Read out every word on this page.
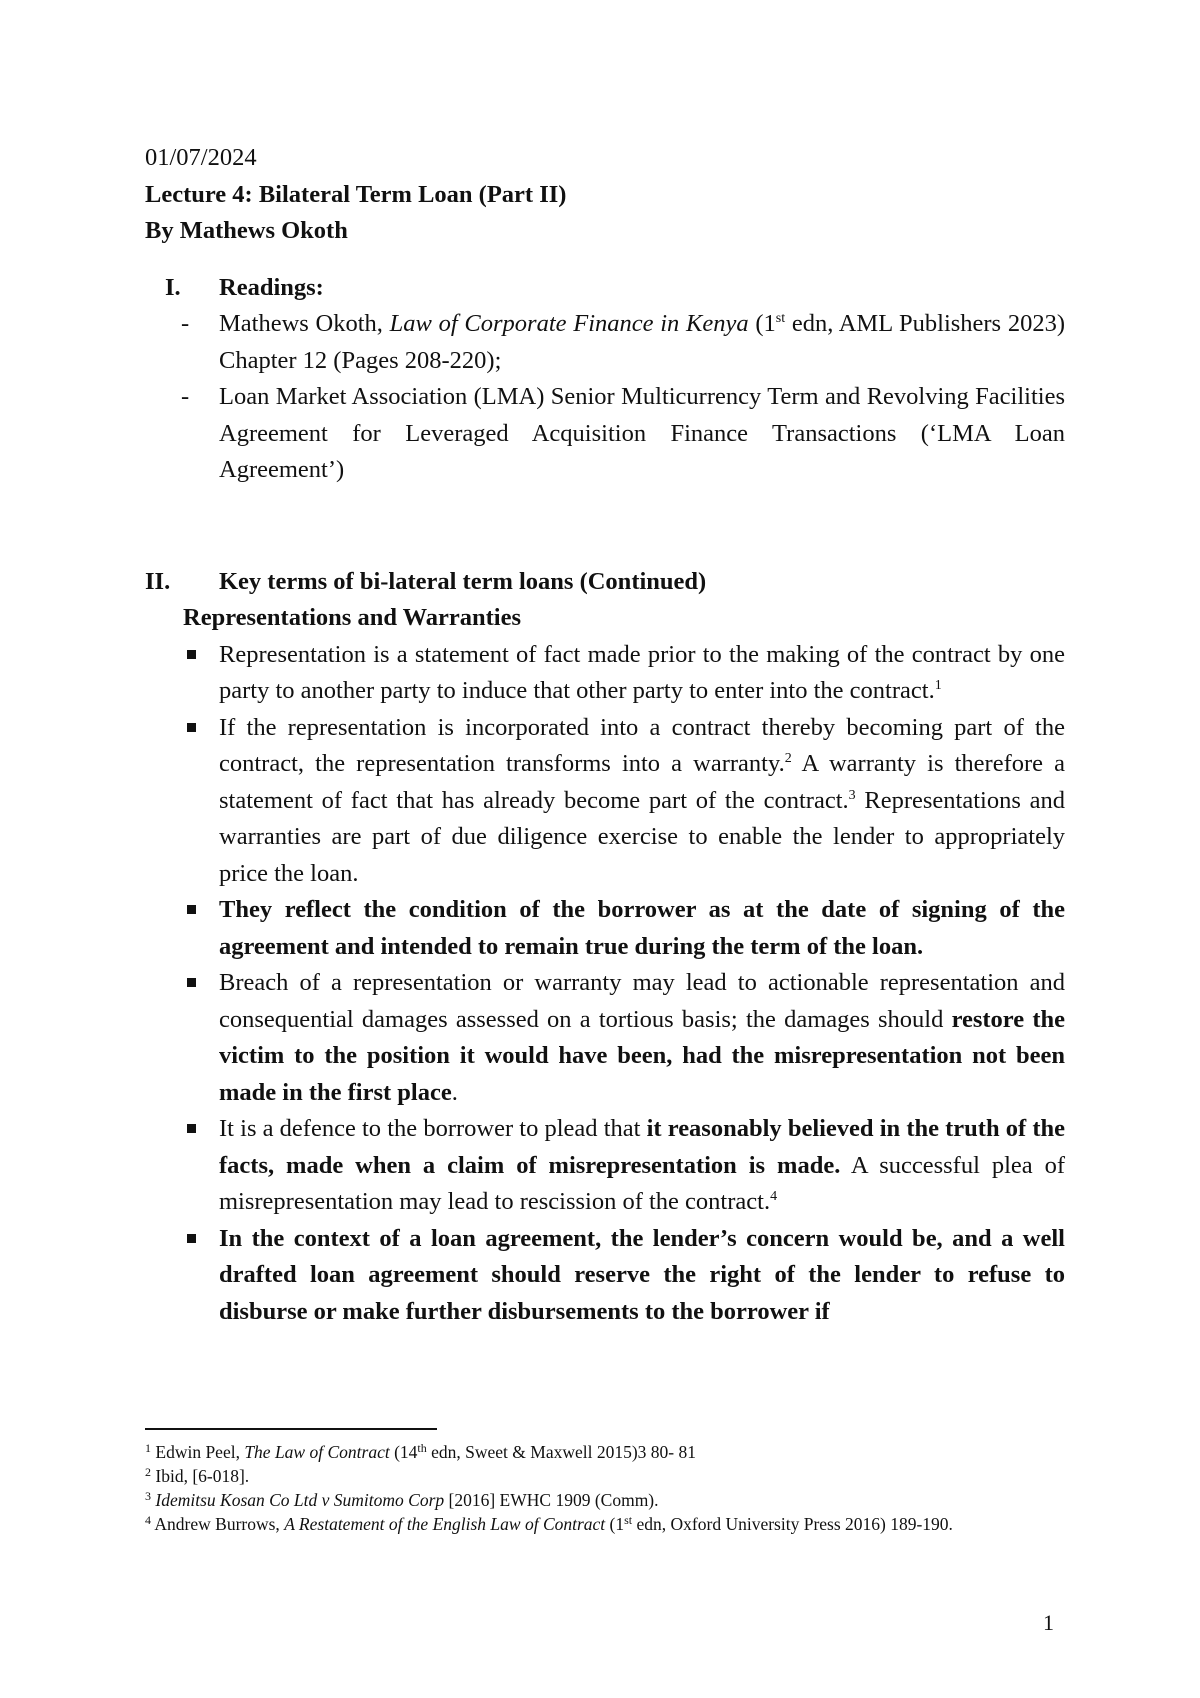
01/07/2024

Lecture 4: Bilateral Term Loan (Part II)

By Mathews Okoth

I.	Readings:
- Mathews Okoth, Law of Corporate Finance in Kenya (1st edn, AML Publishers 2023) Chapter 12 (Pages 208-220);
- Loan Market Association (LMA) Senior Multicurrency Term and Revolving Facilities Agreement for Leveraged Acquisition Finance Transactions (‘LMA Loan Agreement’)
II.	Key terms of bi-lateral term loans (Continued)

Representations and Warranties

Representation is a statement of fact made prior to the making of the contract by one party to another party to induce that other party to enter into the contract.$^1$
If the representation is incorporated into a contract thereby becoming part of the contract, the representation transforms into a warranty.$^2$ A warranty is therefore a statement of fact that has already become part of the contract.$^3$ Representations and warranties are part of due diligence exercise to enable the lender to appropriately price the loan.
They reflect the condition of the borrower as at the date of signing of the agreement and intended to remain true during the term of the loan.
Breach of a representation or warranty may lead to actionable representation and consequential damages assessed on a tortious basis; the damages should restore the victim to the position it would have been, had the misrepresentation not been made in the first place.
It is a defence to the borrower to plead that it reasonably believed in the truth of the facts, made when a claim of misrepresentation is made. A successful plea of misrepresentation may lead to rescission of the contract.$^4$
In the context of a loan agreement, the lender’s concern would be, and a well drafted loan agreement should reserve the right of the lender to refuse to disburse or make further disbursements to the borrower if

$^1$ Edwin Peel, The Law of Contract (14th edn, Sweet & Maxwell 2015)3 80- 81

$^2$ Ibid, [6-018].

$^3$ Idemitsu Kosan Co Ltd v Sumitomo Corp [2016] EWHC 1909 (Comm).

$^4$ Andrew Burrows, A Restatement of the English Law of Contract (1st edn, Oxford University Press 2016) 189-190.

1
